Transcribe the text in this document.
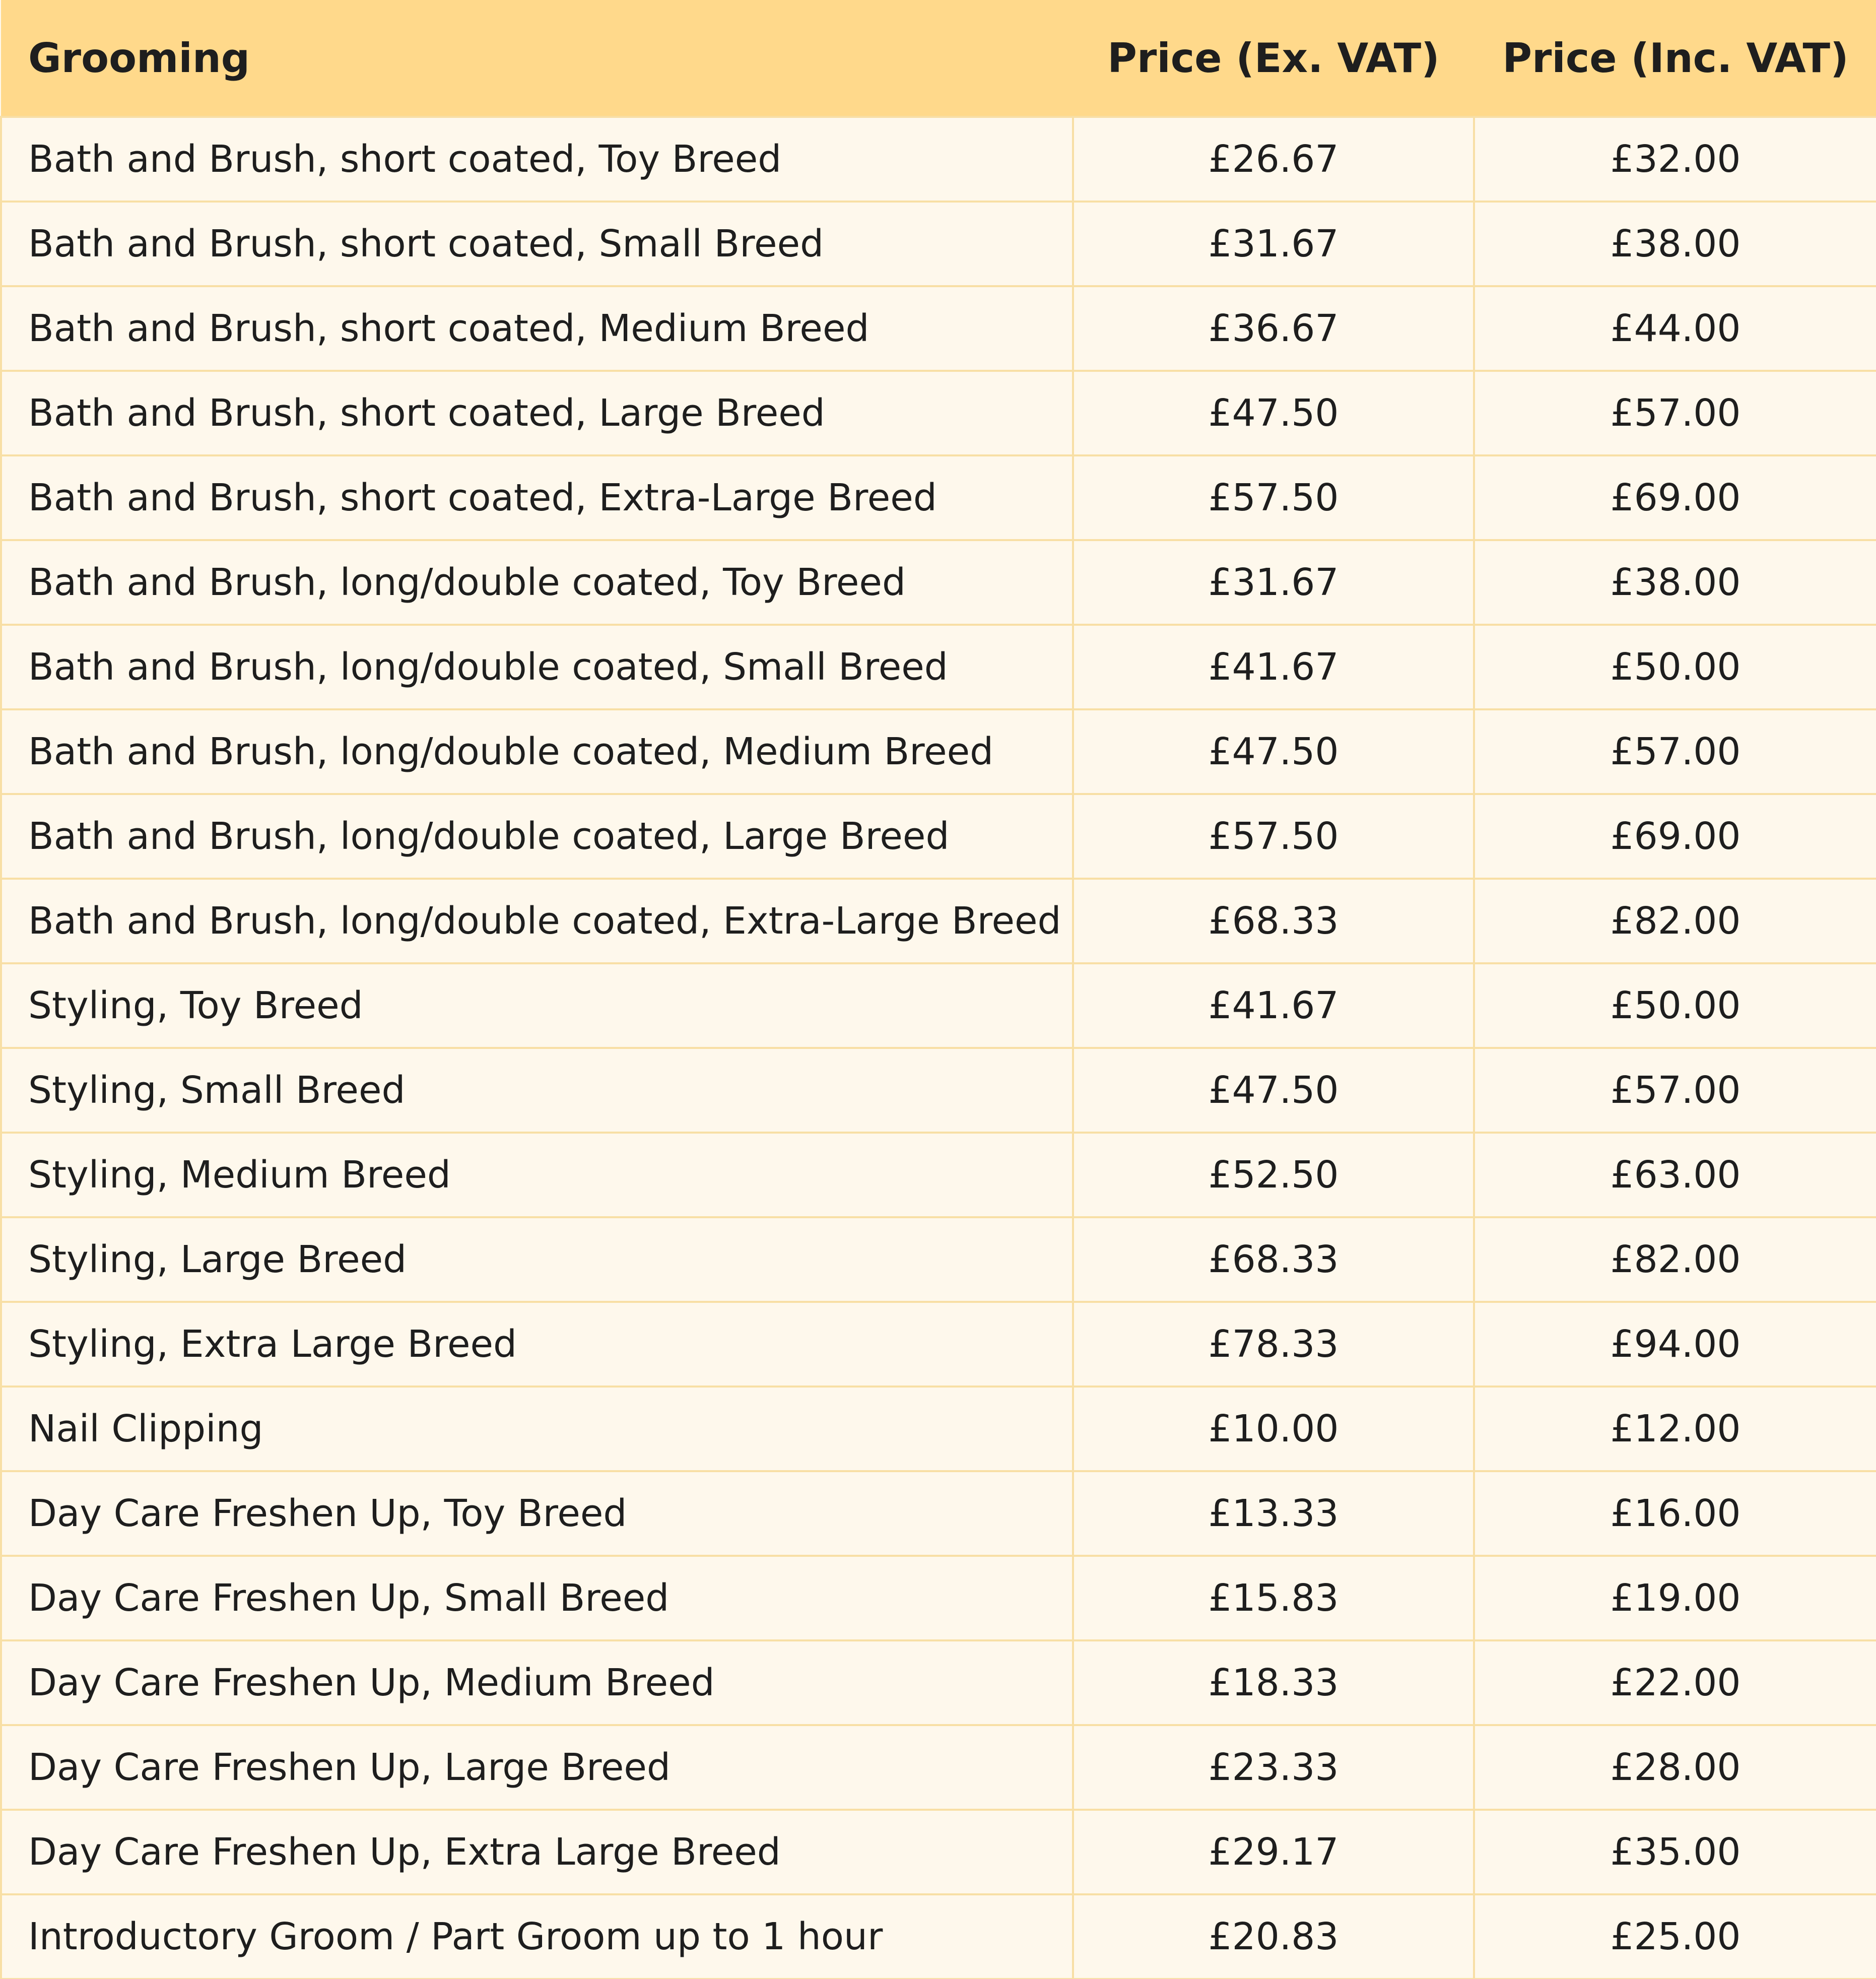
Grooming	Price (Ex. VAT)	Price (Inc. VAT)
Bath and Brush, short coated, Toy Breed	£26.67	£32.00
Bath and Brush, short coated, Small Breed	£31.67	£38.00
Bath and Brush, short coated, Medium Breed	£36.67	£44.00
Bath and Brush, short coated, Large Breed	£47.50	£57.00
Bath and Brush, short coated, Extra-Large Breed	£57.50	£69.00
Bath and Brush, long/double coated, Toy Breed	£31.67	£38.00
Bath and Brush, long/double coated, Small Breed	£41.67	£50.00
Bath and Brush, long/double coated, Medium Breed	£47.50	£57.00
Bath and Brush, long/double coated, Large Breed	£57.50	£69.00
Bath and Brush, long/double coated, Extra-Large Breed	£68.33	£82.00
Styling, Toy Breed	£41.67	£50.00
Styling, Small Breed	£47.50	£57.00
Styling, Medium Breed	£52.50	£63.00
Styling, Large Breed	£68.33	£82.00
Styling, Extra Large Breed	£78.33	£94.00
Nail Clipping	£10.00	£12.00
Day Care Freshen Up, Toy Breed	£13.33	£16.00
Day Care Freshen Up, Small Breed	£15.83	£19.00
Day Care Freshen Up, Medium Breed	£18.33	£22.00
Day Care Freshen Up, Large Breed	£23.33	£28.00
Day Care Freshen Up, Extra Large Breed	£29.17	£35.00
Introductory Groom / Part Groom up to 1 hour	£20.83	£25.00
